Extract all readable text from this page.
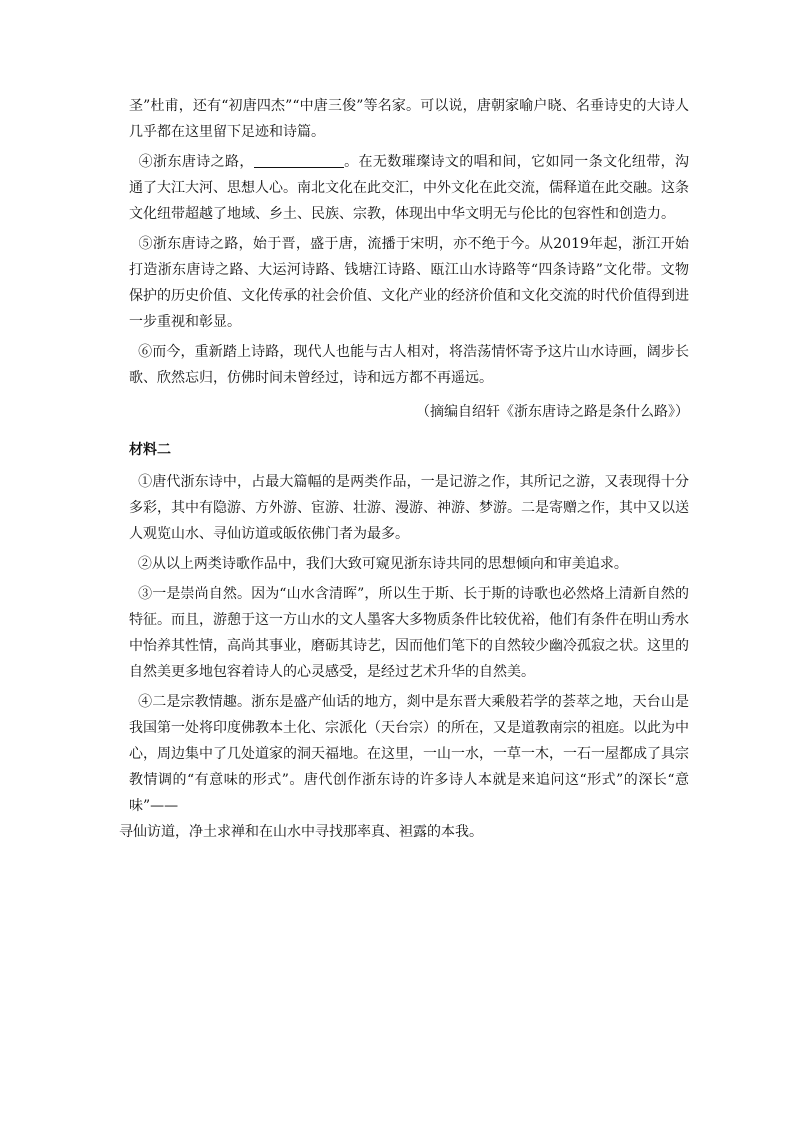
圣”杜甫，还有“初唐四杰”“中唐三俊”等名家。可以说，唐朝家喻户晓、名垂诗史的大诗人几乎都在这里留下足迹和诗篇。

④浙东唐诗之路，	。在无数璀璨诗文的唱和间，它如同一条文化纽带，沟通了大江大河、思想人心。南北文化在此交汇，中外文化在此交流，儒释道在此交融。这条文化纽带超越了地域、乡土、民族、宗教，体现出中华文明无与伦比的包容性和创造力。

⑤浙东唐诗之路，始于晋，盛于唐，流播于宋明，亦不绝于今。从2019年起，浙江开始打造浙东唐诗之路、大运河诗路、钱塘江诗路、瓯江山水诗路等“四条诗路”文化带。文物保护的历史价值、文化传承的社会价值、文化产业的经济价值和文化交流的时代价值得到进一步重视和彰显。

⑥而今，重新踏上诗路，现代人也能与古人相对，将浩荡情怀寄予这片山水诗画，阔步长歌、欣然忘归，仿佛时间未曾经过，诗和远方都不再遥远。

（摘编自绍轩《浙东唐诗之路是条什么路》）

材料二

①唐代浙东诗中，占最大篇幅的是两类作品，一是记游之作，其所记之游，又表现得十分多彩，其中有隐游、方外游、宦游、壮游、漫游、神游、梦游。二是寄赠之作，其中又以送人观览山水、寻仙访道或皈依佛门者为最多。

②从以上两类诗歌作品中，我们大致可窥见浙东诗共同的思想倾向和审美追求。

③一是崇尚自然。因为“山水含清晖”，所以生于斯、长于斯的诗歌也必然烙上清新自然的特征。而且，游憩于这一方山水的文人墨客大多物质条件比较优裕，他们有条件在明山秀水中怡养其性情，高尚其事业，磨砺其诗艺，因而他们笔下的自然较少幽冷孤寂之状。这里的自然美更多地包容着诗人的心灵感受，是经过艺术升华的自然美。

④二是宗教情趣。浙东是盛产仙话的地方，剡中是东晋大乘般若学的荟萃之地，天台山是我国第一处将印度佛教本土化、宗派化（天台宗）的所在，又是道教南宗的祖庭。以此为中心，周边集中了几处道家的洞天福地。在这里，一山一水，一草一木，一石一屋都成了具宗教情调的“有意味的形式”。唐代创作浙东诗的许多诗人本就是来追问这“形式”的深长“意味”——

寻仙访道，净土求禅和在山水中寻找那率真、袒露的本我。
